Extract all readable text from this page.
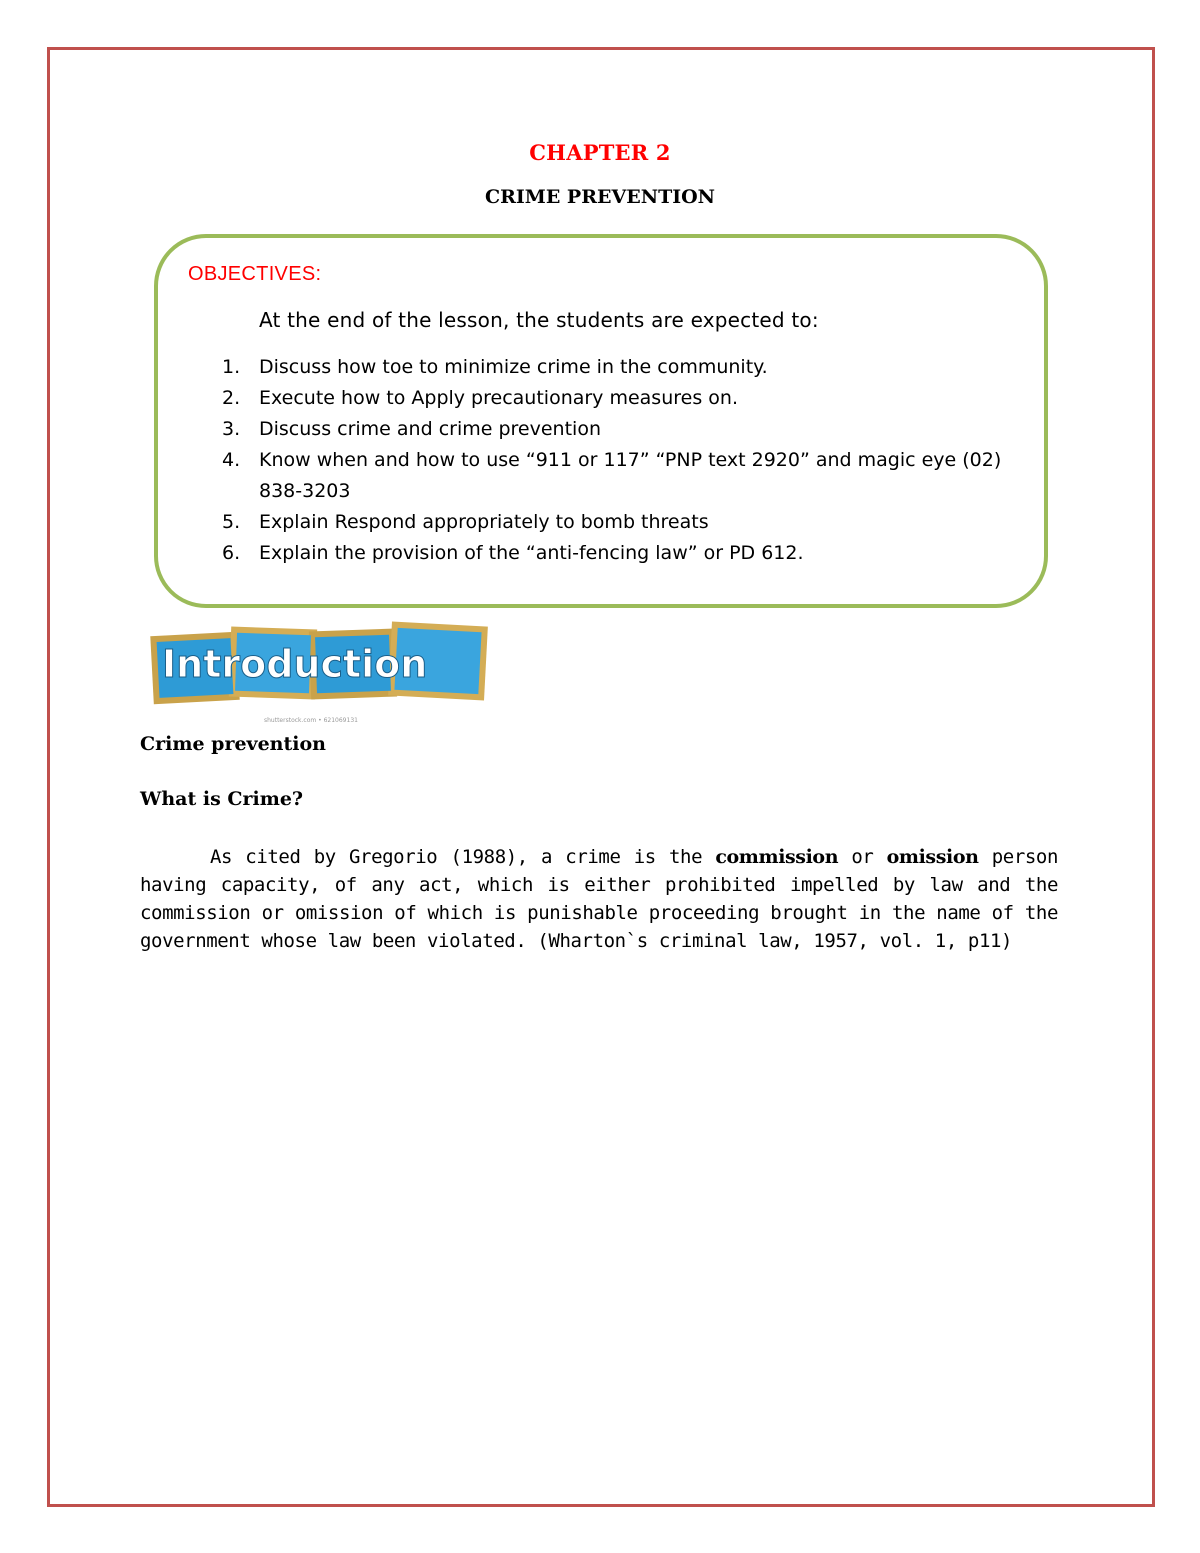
CHAPTER 2
CRIME PREVENTION
OBJECTIVES:
At the end of the lesson, the students are expected to:
1. Discuss how toe to minimize crime in the community.
2. Execute how to Apply precautionary measures on.
3. Discuss crime and crime prevention
4. Know when and how to use “911 or 117” “PNP text 2920” and magic eye (02) 838-3203
5. Explain Respond appropriately to bomb threats
6. Explain the provision of the “anti-fencing law” or PD 612.
Introduction
shutterstock.com • 621069131
Crime prevention
What is Crime?

As cited by Gregorio (1988), a crime is the commission or omission person having capacity, of any act, which is either prohibited impelled by law and the commission or omission of which is punishable proceeding brought in the name of the government whose law been violated. (Wharton`s criminal law, 1957, vol. 1, p11)
